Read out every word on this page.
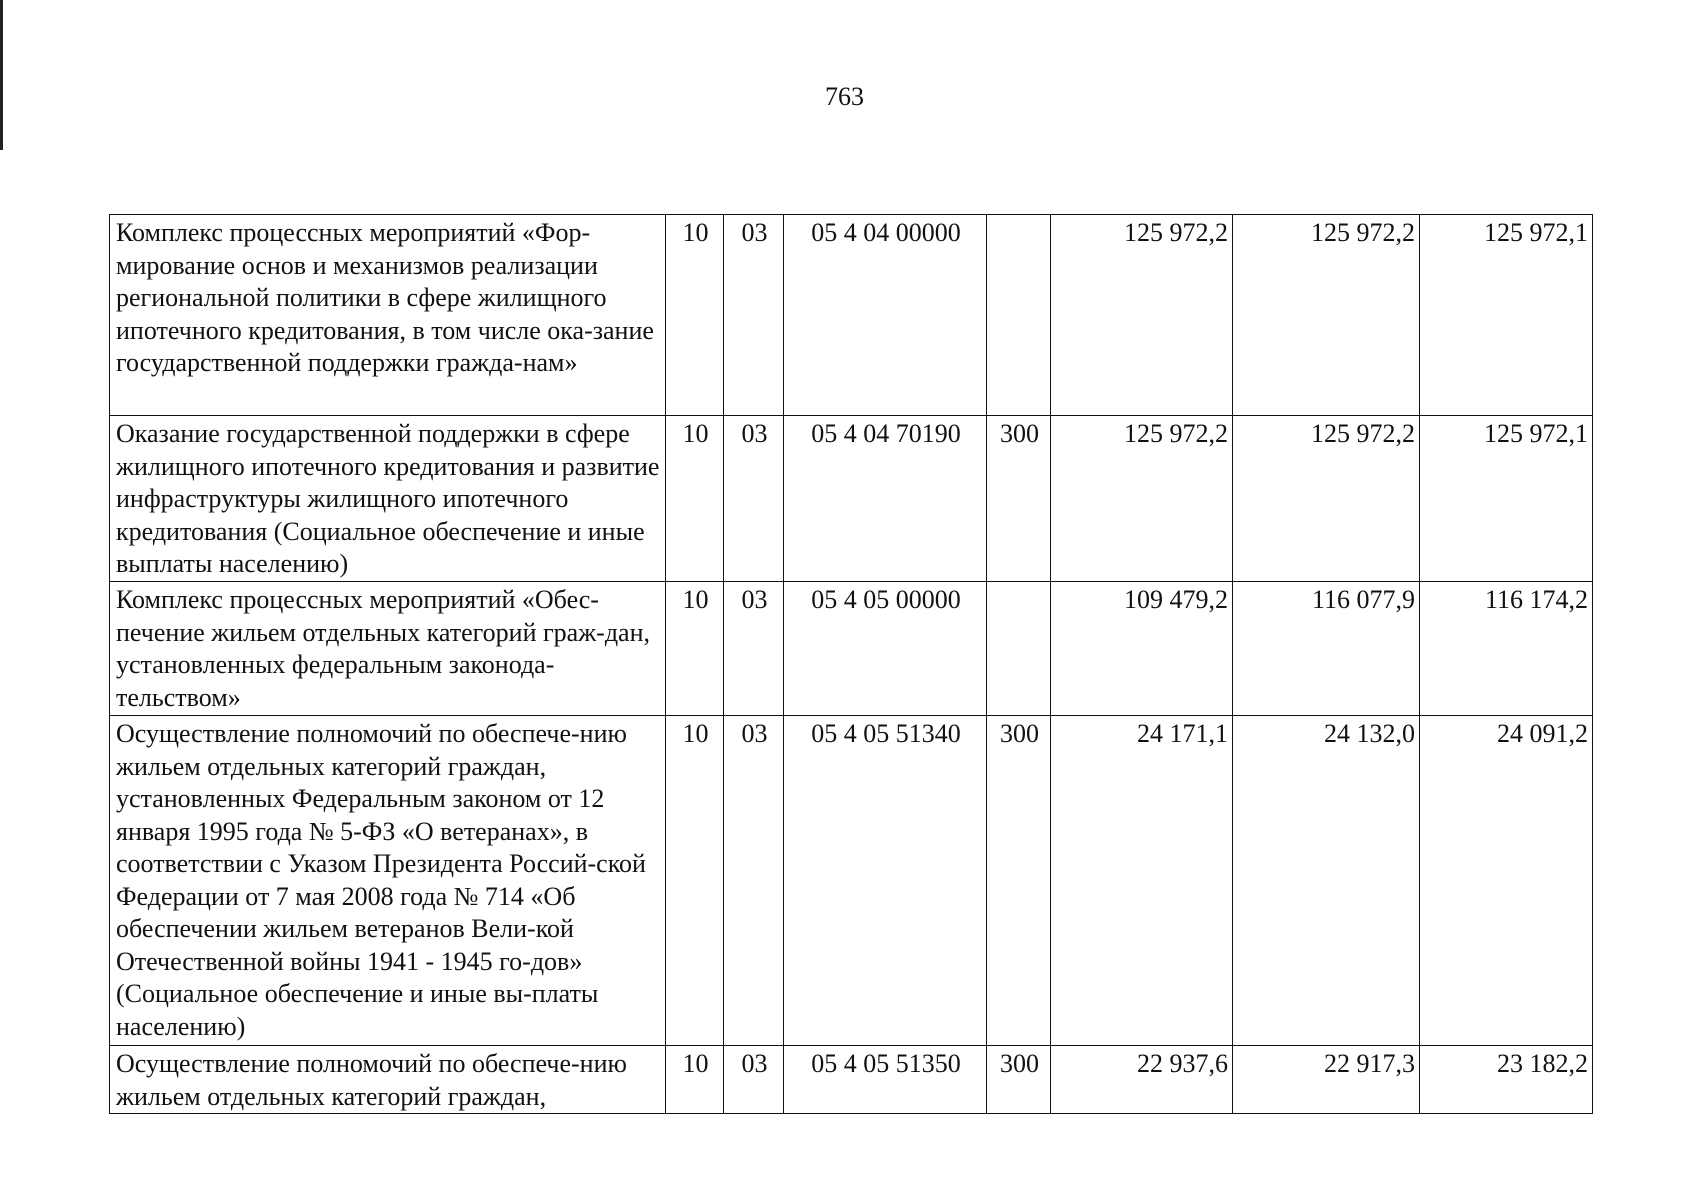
763
Комплекс процессных мероприятий «Фор-мирование основ и механизмов реализации региональной политики в сфере жилищного ипотечного кредитования, в том числе ока-зание государственной поддержки гражда-нам»	10	03	05 4 04 00000		125 972,2	125 972,2	125 972,1
Оказание государственной поддержки в сфере жилищного ипотечного кредитования и развитие инфраструктуры жилищного ипотечного кредитования (Социальное обеспечение и иные выплаты населению)	10	03	05 4 04 70190	300	125 972,2	125 972,2	125 972,1
Комплекс процессных мероприятий «Обес-печение жильем отдельных категорий граж-дан, установленных федеральным законода-тельством»	10	03	05 4 05 00000		109 479,2	116 077,9	116 174,2
Осуществление полномочий по обеспече-нию жильем отдельных категорий граждан, установленных Федеральным законом от 12 января 1995 года № 5-ФЗ «О ветеранах», в соответствии с Указом Президента Россий-ской Федерации от 7 мая 2008 года № 714 «Об обеспечении жильем ветеранов Вели-кой Отечественной войны 1941 - 1945 го-дов» (Социальное обеспечение и иные вы-платы населению)	10	03	05 4 05 51340	300	24 171,1	24 132,0	24 091,2
Осуществление полномочий по обеспече-нию жильем отдельных категорий граждан,	10	03	05 4 05 51350	300	22 937,6	22 917,3	23 182,2
